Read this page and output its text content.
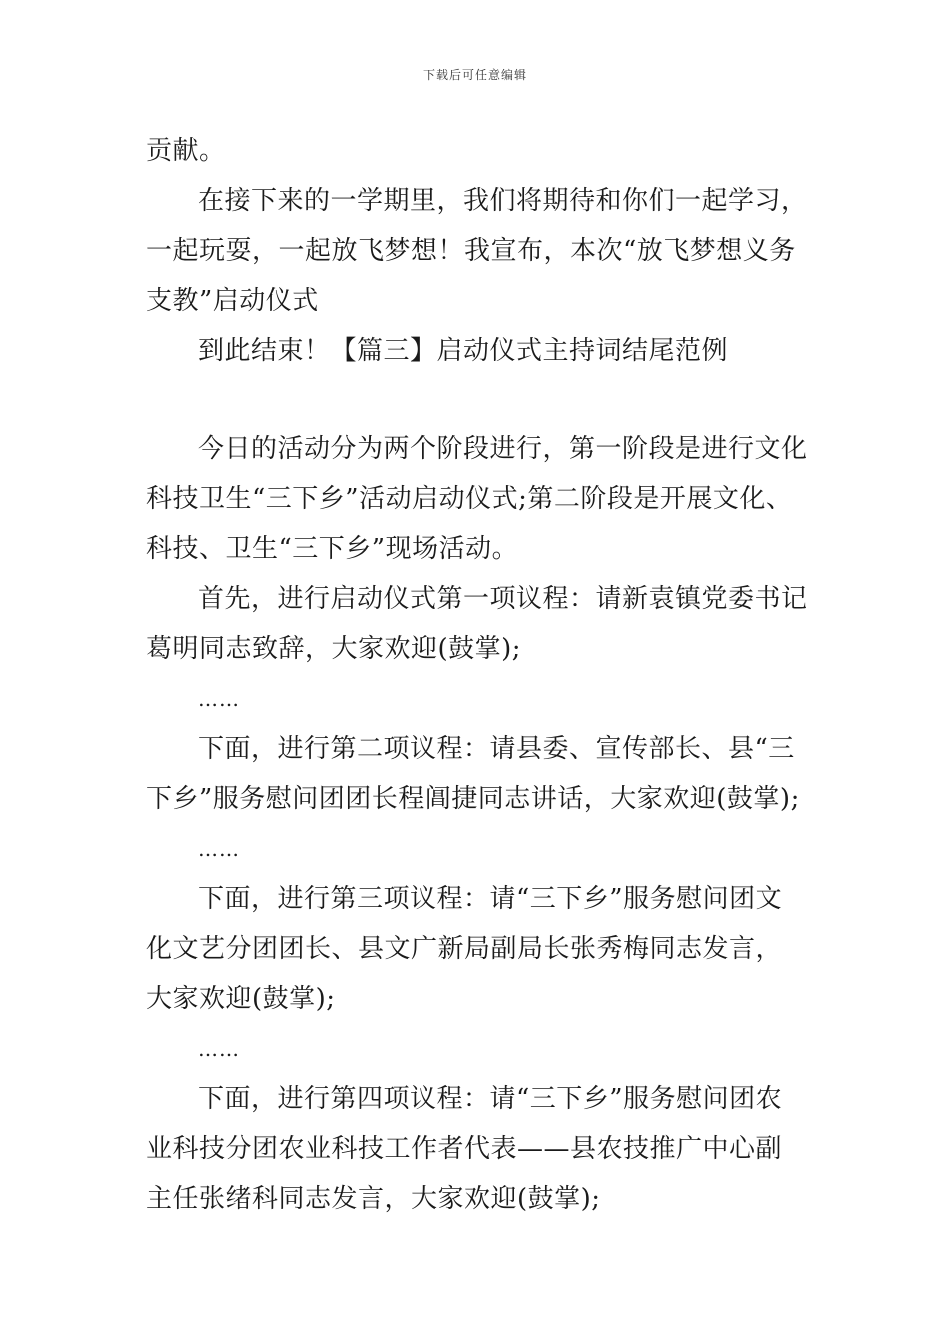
下载后可任意编辑

贡献。

在接下来的一学期里，我们将期待和你们一起学习，一起玩耍，一起放飞梦想！我宣布，本次“放飞梦想义务支教”启动仪式

到此结束！【篇三】启动仪式主持词结尾范例

今日的活动分为两个阶段进行，第一阶段是进行文化科技卫生“三下乡”活动启动仪式;第二阶段是开展文化、科技、卫生“三下乡”现场活动。

首先，进行启动仪式第一项议程：请新袁镇党委书记葛明同志致辞，大家欢迎(鼓掌);

……

下面，进行第二项议程：请县委、宣传部长、县“三下乡”服务慰问团团长程阊捷同志讲话，大家欢迎(鼓掌);

……

下面，进行第三项议程：请“三下乡”服务慰问团文化文艺分团团长、县文广新局副局长张秀梅同志发言，大家欢迎(鼓掌);

……

下面，进行第四项议程：请“三下乡”服务慰问团农业科技分团农业科技工作者代表——县农技推广中心副主任张绪科同志发言，大家欢迎(鼓掌);
